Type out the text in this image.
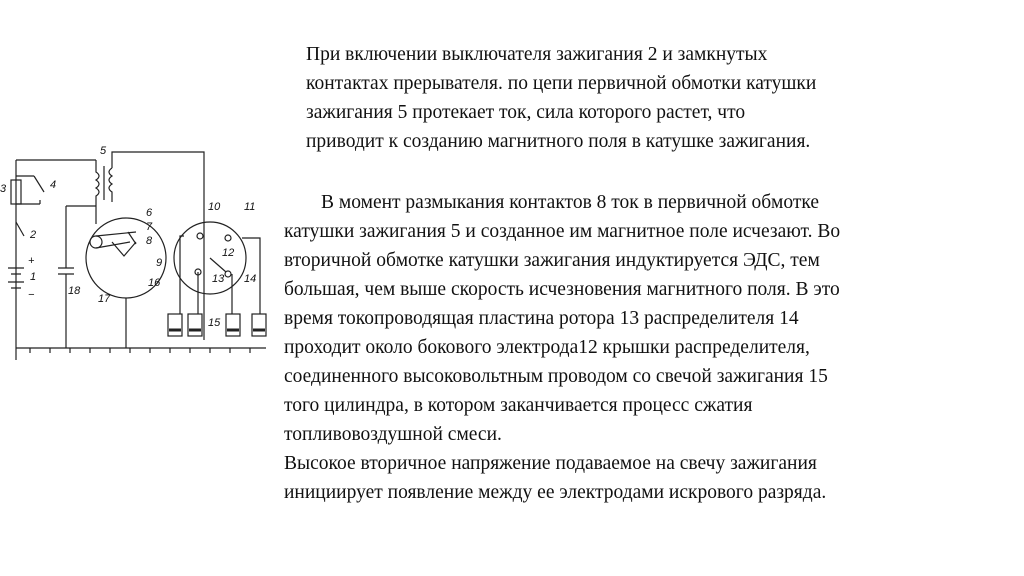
3	4
5
2
+
1
−
6
7
8
9
16
17
18
10 11
12
13 14
15
При включении выключателя зажигания 2 и замкнутых
контактах прерывателя. по цепи первичной обмотки катушки
зажигания 5 протекает ток, сила которого растет, что
приводит к созданию магнитного поля в катушке зажигания.
В момент размыкания контактов 8 ток в первичной обмотке
катушки зажигания 5 и созданное им магнитное поле исчезают. Во
вторичной обмотке катушки зажигания индуктируется ЭДС, тем
большая, чем выше скорость исчезновения магнитного поля. В это
время токопроводящая пластина ротора 13 распределителя 14
проходит около бокового электрода12 крышки распределителя,
соединенного высоковольтным проводом со свечой зажигания 15
того цилиндра, в котором заканчивается процесс сжатия
топливовоздушной смеси.
Высокое вторичное напряжение подаваемое на свечу зажигания
инициирует появление между ее электродами искрового разряда.
